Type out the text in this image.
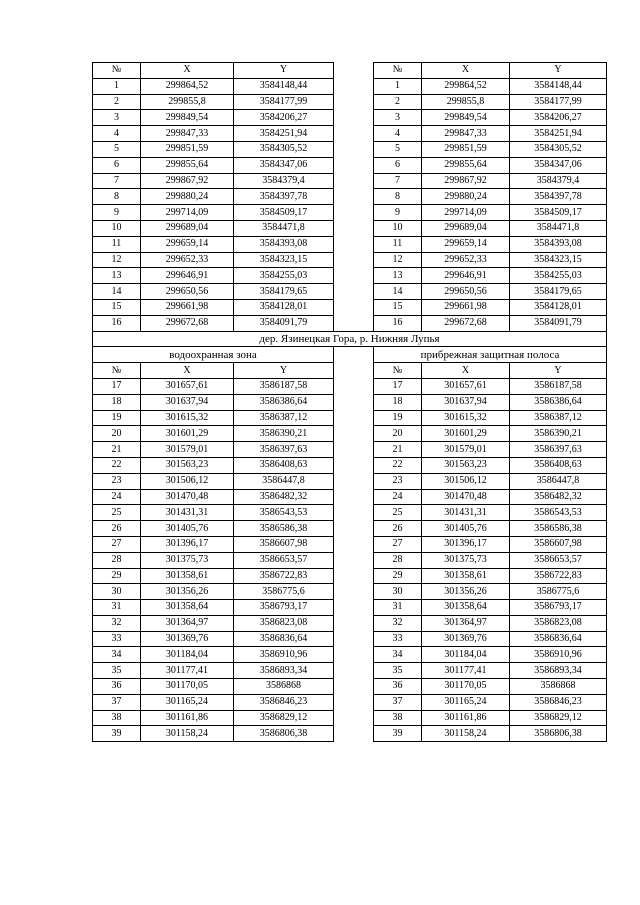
№	X	Y		№	X	Y
1	299864,52	3584148,44		1	299864,52	3584148,44
2	299855,8	3584177,99		2	299855,8	3584177,99
3	299849,54	3584206,27		3	299849,54	3584206,27
4	299847,33	3584251,94		4	299847,33	3584251,94
5	299851,59	3584305,52		5	299851,59	3584305,52
6	299855,64	3584347,06		6	299855,64	3584347,06
7	299867,92	3584379,4		7	299867,92	3584379,4
8	299880,24	3584397,78		8	299880,24	3584397,78
9	299714,09	3584509,17		9	299714,09	3584509,17
10	299689,04	3584471,8		10	299689,04	3584471,8
11	299659,14	3584393,08		11	299659,14	3584393,08
12	299652,33	3584323,15		12	299652,33	3584323,15
13	299646,91	3584255,03		13	299646,91	3584255,03
14	299650,56	3584179,65		14	299650,56	3584179,65
15	299661,98	3584128,01		15	299661,98	3584128,01
16	299672,68	3584091,79		16	299672,68	3584091,79
дер. Язинецкая Гора, р. Нижняя Лупья						
водоохранная зона				прибрежная защитная полоса		
№	X	Y		№	X	Y
17	301657,61	3586187,58		17	301657,61	3586187,58
18	301637,94	3586386,64		18	301637,94	3586386,64
19	301615,32	3586387,12		19	301615,32	3586387,12
20	301601,29	3586390,21		20	301601,29	3586390,21
21	301579,01	3586397,63		21	301579,01	3586397,63
22	301563,23	3586408,63		22	301563,23	3586408,63
23	301506,12	3586447,8		23	301506,12	3586447,8
24	301470,48	3586482,32		24	301470,48	3586482,32
25	301431,31	3586543,53		25	301431,31	3586543,53
26	301405,76	3586586,38		26	301405,76	3586586,38
27	301396,17	3586607,98		27	301396,17	3586607,98
28	301375,73	3586653,57		28	301375,73	3586653,57
29	301358,61	3586722,83		29	301358,61	3586722,83
30	301356,26	3586775,6		30	301356,26	3586775,6
31	301358,64	3586793,17		31	301358,64	3586793,17
32	301364,97	3586823,08		32	301364,97	3586823,08
33	301369,76	3586836,64		33	301369,76	3586836,64
34	301184,04	3586910,96		34	301184,04	3586910,96
35	301177,41	3586893,34		35	301177,41	3586893,34
36	301170,05	3586868		36	301170,05	3586868
37	301165,24	3586846,23		37	301165,24	3586846,23
38	301161,86	3586829,12		38	301161,86	3586829,12
39	301158,24	3586806,38		39	301158,24	3586806,38
